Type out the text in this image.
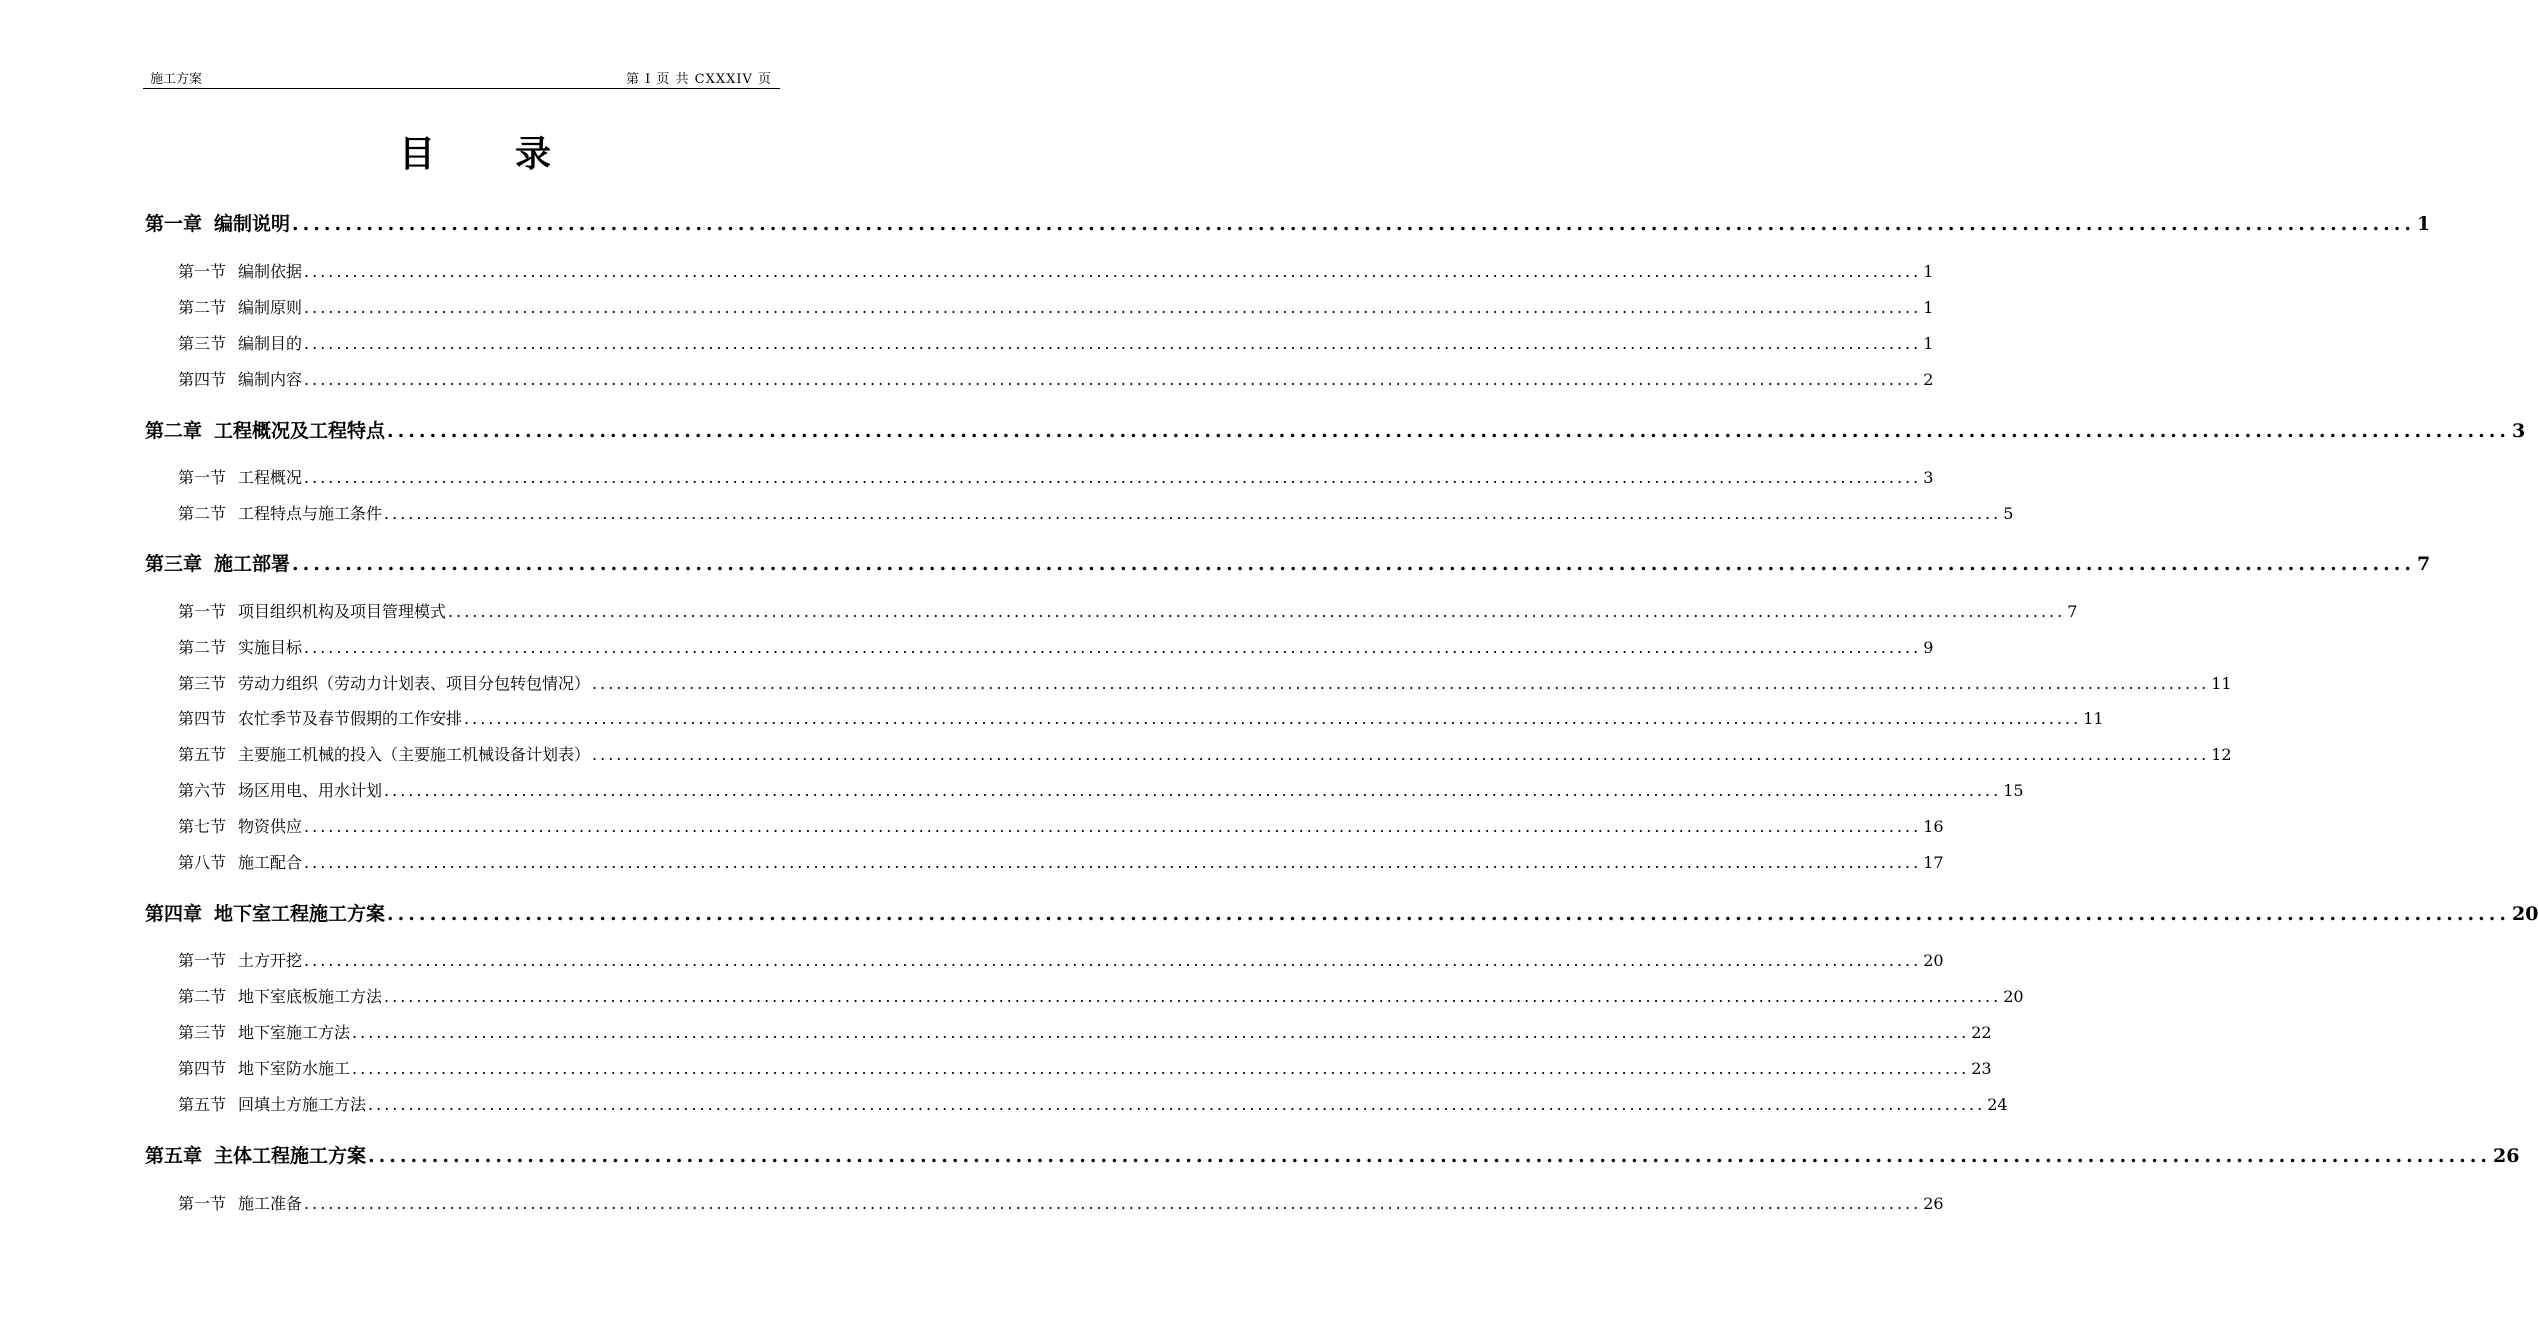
施工方案	第 I 页 共 CXXXIV 页
目 录
第一章 编制说明 ........................................................................................................................................................................................................ 1
第一节 编制依据 ........................................................................................................................................................................................................ 1
第二节 编制原则 ........................................................................................................................................................................................................ 1
第三节 编制目的 ........................................................................................................................................................................................................ 1
第四节 编制内容 ........................................................................................................................................................................................................ 2
第二章 工程概况及工程特点 ........................................................................................................................................................................................................ 3
第一节 工程概况 ........................................................................................................................................................................................................ 3
第二节 工程特点与施工条件 ........................................................................................................................................................................................................ 5
第三章 施工部署 ........................................................................................................................................................................................................ 7
第一节 项目组织机构及项目管理模式 ........................................................................................................................................................................................................ 7
第二节 实施目标 ........................................................................................................................................................................................................ 9
第三节 劳动力组织（劳动力计划表、项目分包转包情况） ........................................................................................................................................................................................................ 11
第四节 农忙季节及春节假期的工作安排 ........................................................................................................................................................................................................ 11
第五节 主要施工机械的投入（主要施工机械设备计划表） ........................................................................................................................................................................................................ 12
第六节 场区用电、用水计划 ........................................................................................................................................................................................................ 15
第七节 物资供应 ........................................................................................................................................................................................................ 16
第八节 施工配合 ........................................................................................................................................................................................................ 17
第四章 地下室工程施工方案 ........................................................................................................................................................................................................ 20
第一节 土方开挖 ........................................................................................................................................................................................................ 20
第二节 地下室底板施工方法 ........................................................................................................................................................................................................ 20
第三节 地下室施工方法 ........................................................................................................................................................................................................ 22
第四节 地下室防水施工 ........................................................................................................................................................................................................ 23
第五节 回填土方施工方法 ........................................................................................................................................................................................................ 24
第五章 主体工程施工方案 ........................................................................................................................................................................................................ 26
第一节 施工准备 ........................................................................................................................................................................................................ 26
